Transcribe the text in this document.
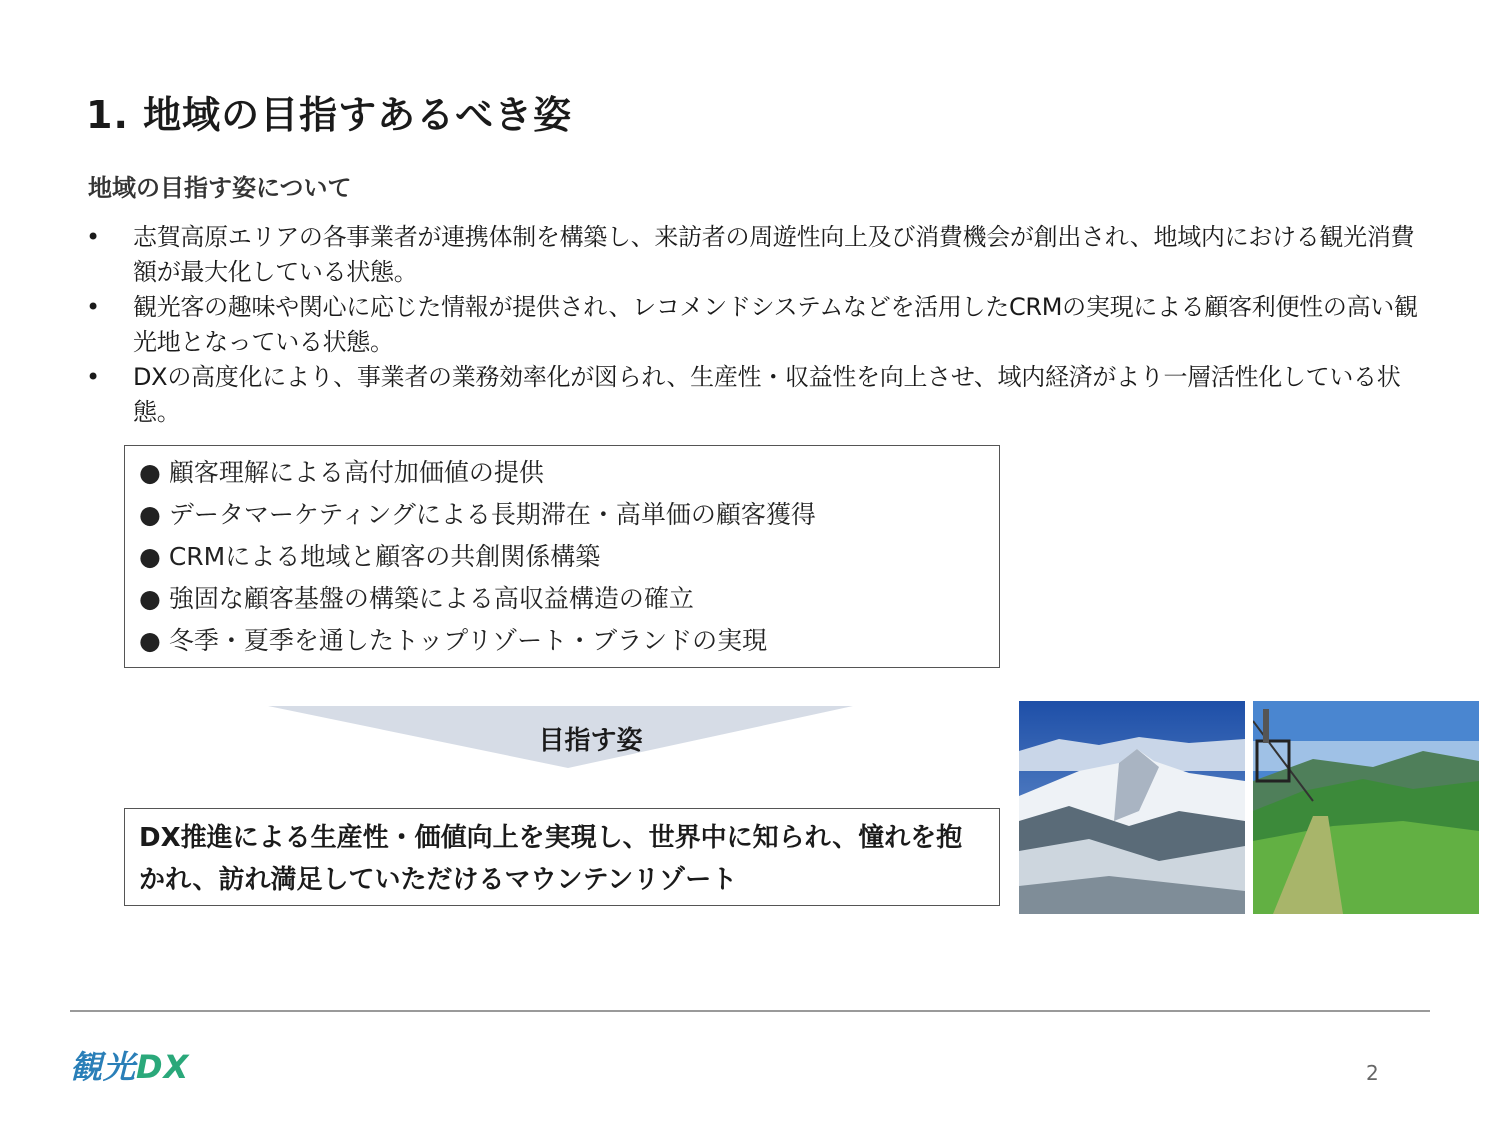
1. 地域の目指すあるべき姿
地域の目指す姿について
• 志賀高原エリアの各事業者が連携体制を構築し、来訪者の周遊性向上及び消費機会が創出され、地域内における観光消費額が最大化している状態。
• 観光客の趣味や関心に応じた情報が提供され、レコメンドシステムなどを活用したCRMの実現による顧客利便性の高い観光地となっている状態。
• DXの高度化により、事業者の業務効率化が図られ、生産性・収益性を向上させ、域内経済がより一層活性化している状態。
● 顧客理解による高付加価値の提供
● データマーケティングによる長期滞在・高単価の顧客獲得
● CRMによる地域と顧客の共創関係構築
● 強固な顧客基盤の構築による高収益構造の確立
● 冬季・夏季を通したトップリゾート・ブランドの実現
目指す姿
DX推進による生産性・価値向上を実現し、世界中に知られ、憧れを抱かれ、訪れ満足していただけるマウンテンリゾート
観光DX	2
